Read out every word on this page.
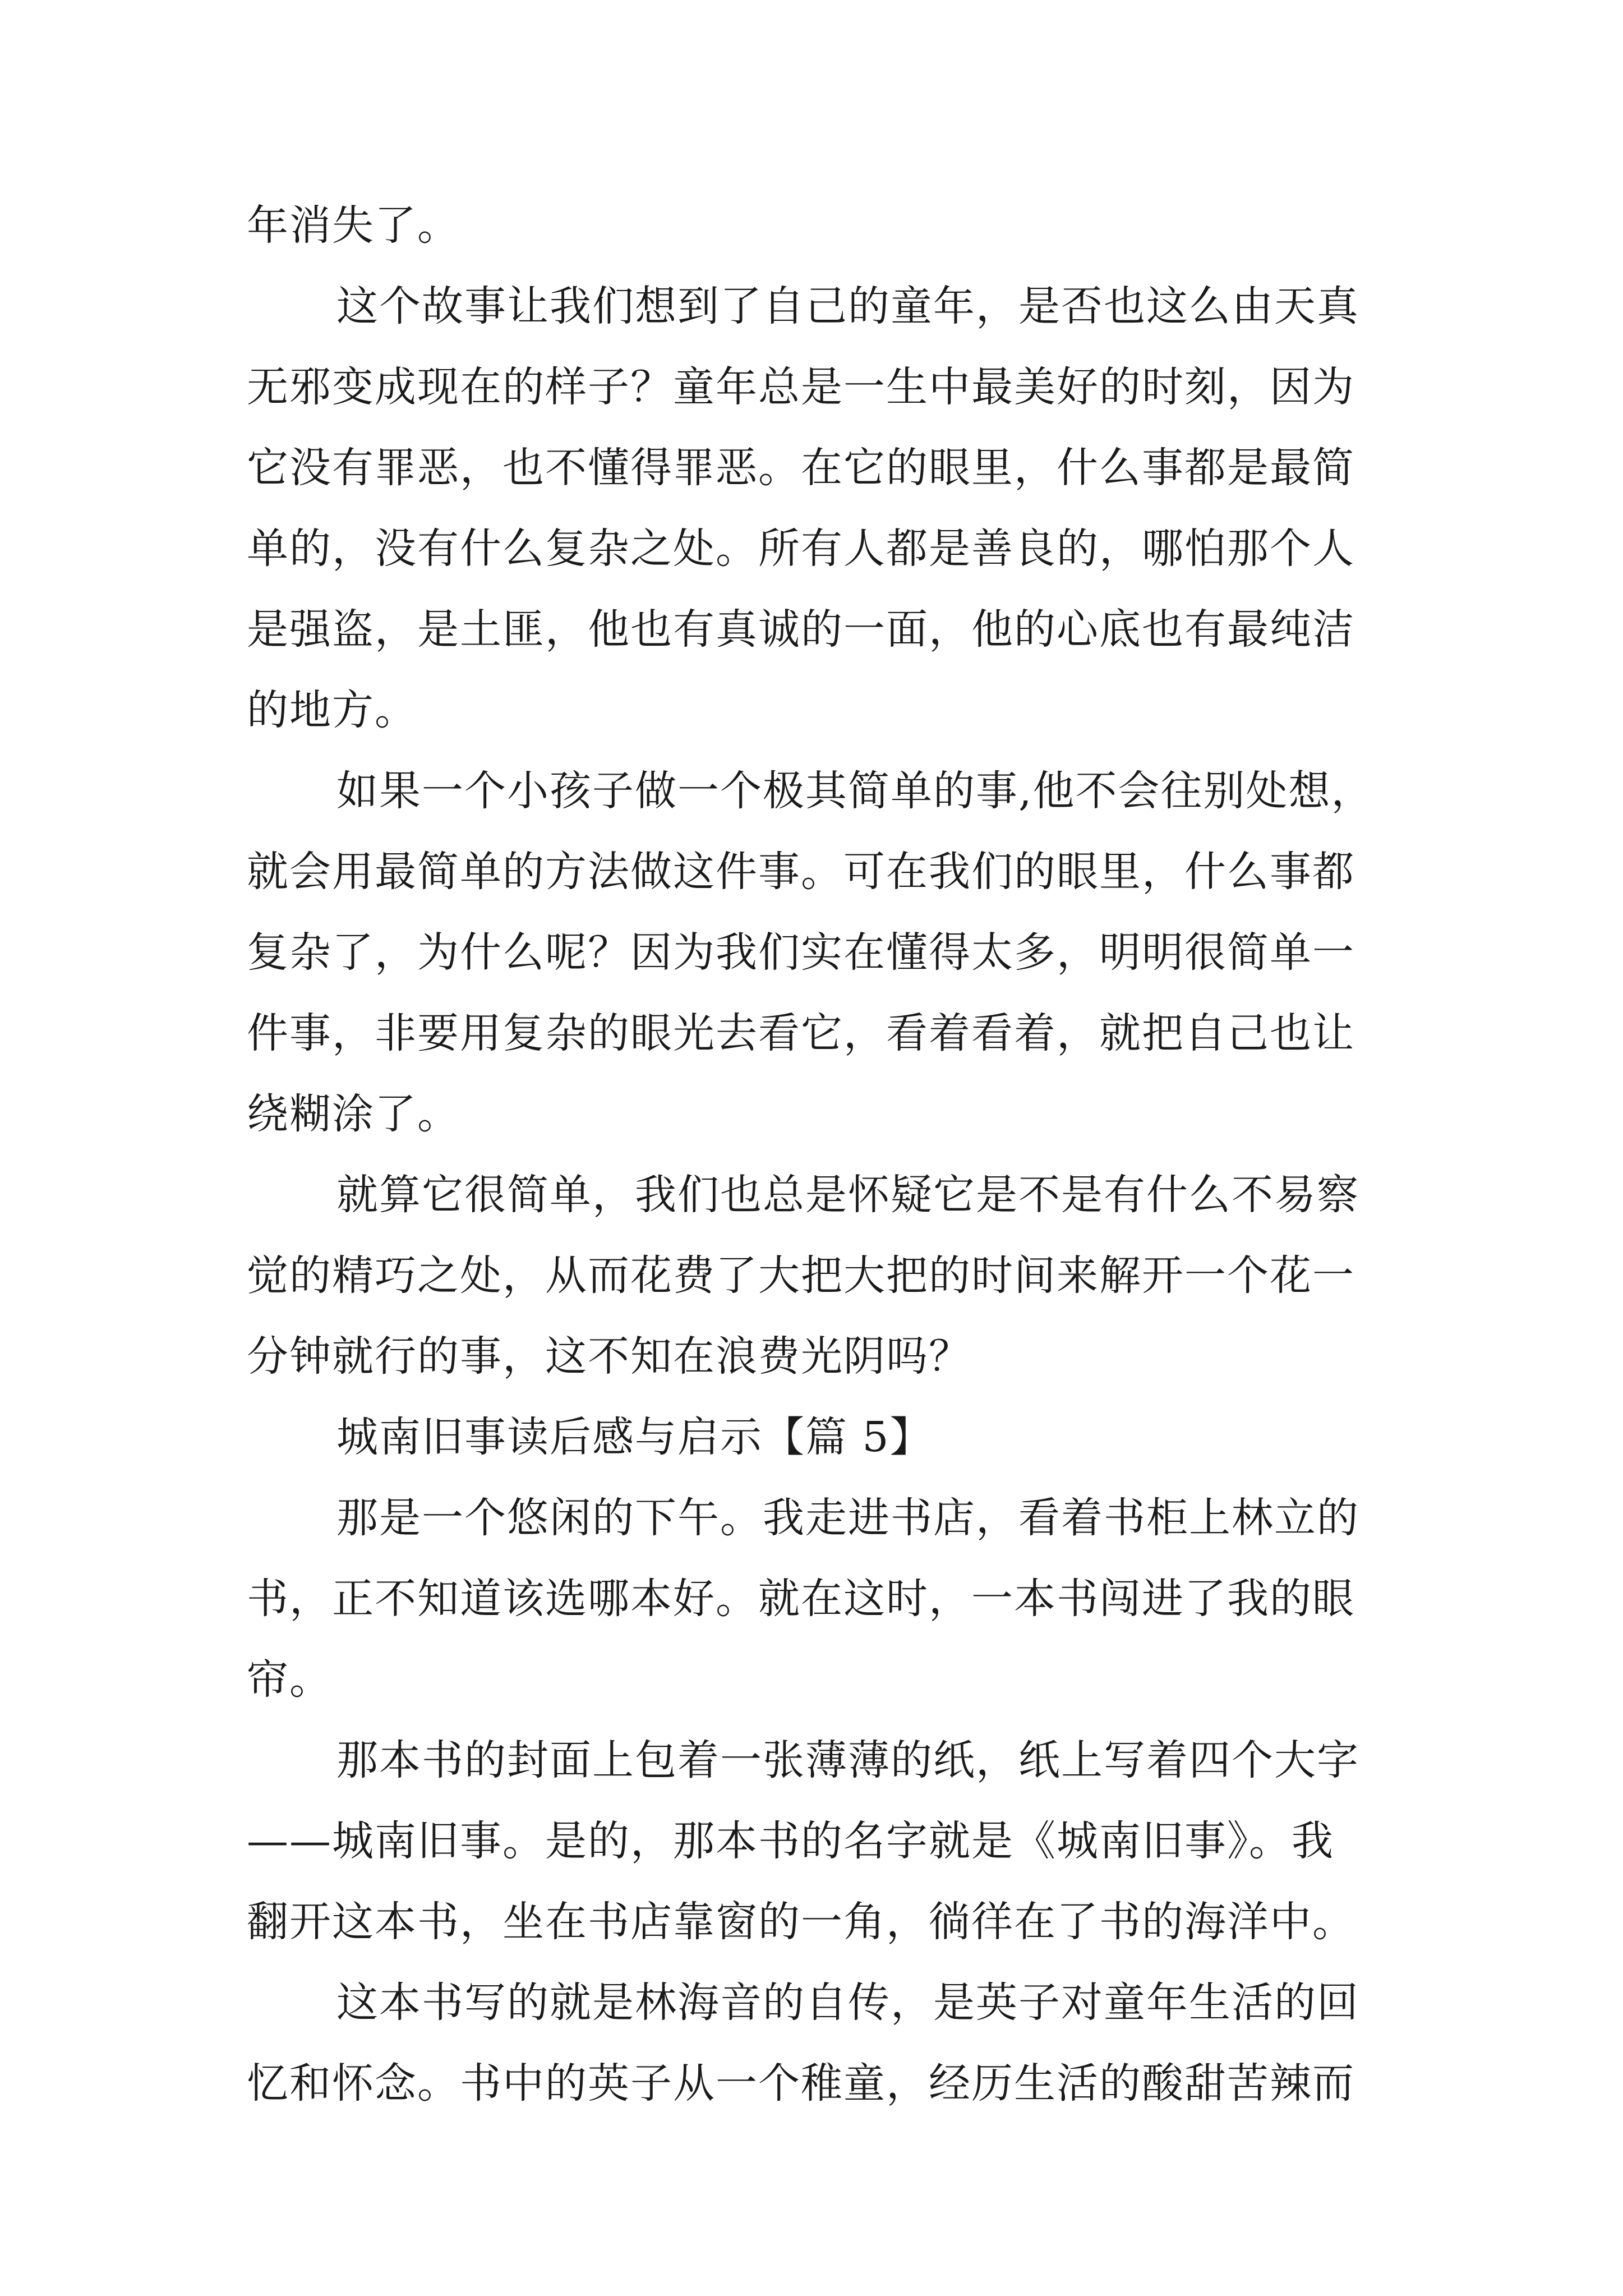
年消失了。
这个故事让我们想到了自己的童年，是否也这么由天真
无邪变成现在的样子？童年总是一生中最美好的时刻，因为
它没有罪恶，也不懂得罪恶。在它的眼里，什么事都是最简
单的，没有什么复杂之处。所有人都是善良的，哪怕那个人
是强盗，是土匪，他也有真诚的一面，他的心底也有最纯洁
的地方。
如果一个小孩子做一个极其简单的事,他不会往别处想，
就会用最简单的方法做这件事。可在我们的眼里，什么事都
复杂了，为什么呢？因为我们实在懂得太多，明明很简单一
件事，非要用复杂的眼光去看它，看着看着，就把自己也让
绕糊涂了。
就算它很简单，我们也总是怀疑它是不是有什么不易察
觉的精巧之处，从而花费了大把大把的时间来解开一个花一
分钟就行的事，这不知在浪费光阴吗？
城南旧事读后感与启示【篇 5】
那是一个悠闲的下午。我走进书店，看着书柜上林立的
书，正不知道该选哪本好。就在这时，一本书闯进了我的眼
帘。
那本书的封面上包着一张薄薄的纸，纸上写着四个大字
——城南旧事。是的，那本书的名字就是《城南旧事》。我
翻开这本书，坐在书店靠窗的一角，徜徉在了书的海洋中。
这本书写的就是林海音的自传，是英子对童年生活的回
忆和怀念。书中的英子从一个稚童，经历生活的酸甜苦辣而
